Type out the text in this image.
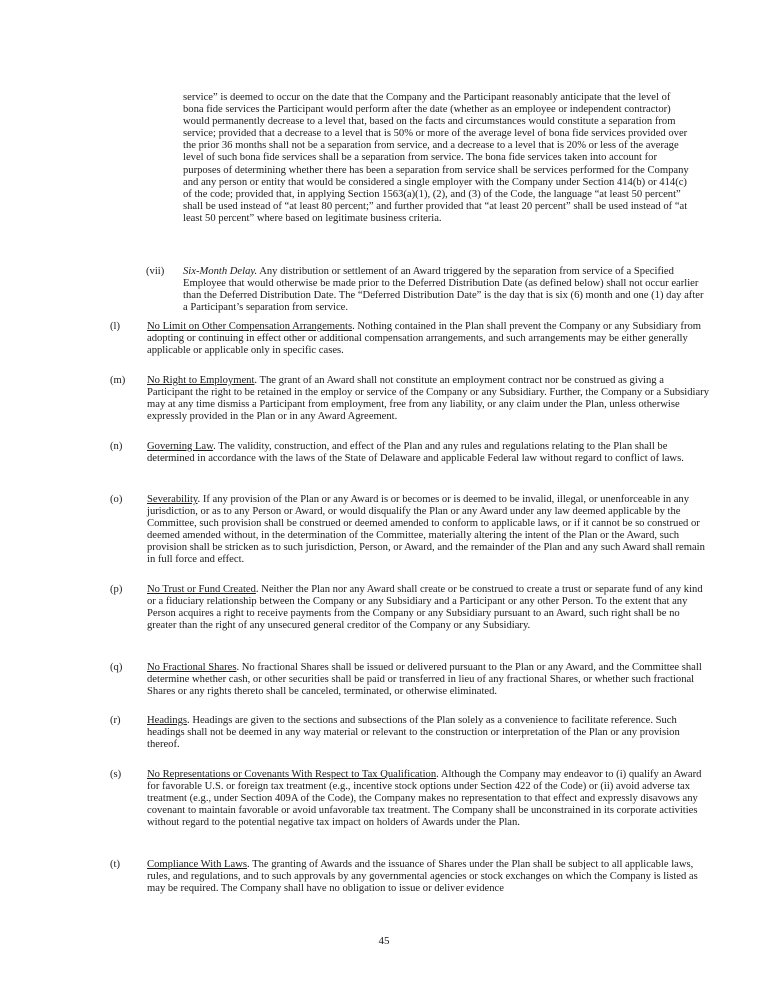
service” is deemed to occur on the date that the Company and the Participant reasonably anticipate that the level of bona fide services the Participant would perform after the date (whether as an employee or independent contractor) would permanently decrease to a level that, based on the facts and circumstances would constitute a separation from service; provided that a decrease to a level that is 50% or more of the average level of bona fide services provided over the prior 36 months shall not be a separation from service, and a decrease to a level that is 20% or less of the average level of such bona fide services shall be a separation from service. The bona fide services taken into account for purposes of determining whether there has been a separation from service shall be services performed for the Company and any person or entity that would be considered a single employer with the Company under Section 414(b) or 414(c) of the code; provided that, in applying Section 1563(a)(1), (2), and (3) of the Code, the language “at least 50 percent” shall be used instead of “at least 80 percent;” and further provided that “at least 20 percent” shall be used instead of “at least 50 percent” where based on legitimate business criteria.

(vii) Six-Month Delay. Any distribution or settlement of an Award triggered by the separation from service of a Specified Employee that would otherwise be made prior to the Deferred Distribution Date (as defined below) shall not occur earlier than the Deferred Distribution Date. The “Deferred Distribution Date” is the day that is six (6) month and one (1) day after a Participant’s separation from service.
(l)	No Limit on Other Compensation Arrangements. Nothing contained in the Plan shall prevent the Company or any Subsidiary from adopting or continuing in effect other or additional compensation arrangements, and such arrangements may be either generally applicable or applicable only in specific cases.
(m) No Right to Employment. The grant of an Award shall not constitute an employment contract nor be construed as giving a Participant the right to be retained in the employ or service of the Company or any Subsidiary. Further, the Company or a Subsidiary may at any time dismiss a Participant from employment, free from any liability, or any claim under the Plan, unless otherwise expressly provided in the Plan or in any Award Agreement.
(n) Governing Law. The validity, construction, and effect of the Plan and any rules and regulations relating to the Plan shall be determined in accordance with the laws of the State of Delaware and applicable Federal law without regard to conflict of laws.
(o) Severability. If any provision of the Plan or any Award is or becomes or is deemed to be invalid, illegal, or unenforceable in any jurisdiction, or as to any Person or Award, or would disqualify the Plan or any Award under any law deemed applicable by the Committee, such provision shall be construed or deemed amended to conform to applicable laws, or if it cannot be so construed or deemed amended without, in the determination of the Committee, materially altering the intent of the Plan or the Award, such provision shall be stricken as to such jurisdiction, Person, or Award, and the remainder of the Plan and any such Award shall remain in full force and effect.
(p) No Trust or Fund Created. Neither the Plan nor any Award shall create or be construed to create a trust or separate fund of any kind or a fiduciary relationship between the Company or any Subsidiary and a Participant or any other Person. To the extent that any Person acquires a right to receive payments from the Company or any Subsidiary pursuant to an Award, such right shall be no greater than the right of any unsecured general creditor of the Company or any Subsidiary.
(q) No Fractional Shares. No fractional Shares shall be issued or delivered pursuant to the Plan or any Award, and the Committee shall determine whether cash, or other securities shall be paid or transferred in lieu of any fractional Shares, or whether such fractional Shares or any rights thereto shall be canceled, terminated, or otherwise eliminated.
(r) Headings. Headings are given to the sections and subsections of the Plan solely as a convenience to facilitate reference. Such headings shall not be deemed in any way material or relevant to the construction or interpretation of the Plan or any provision thereof.
(s) No Representations or Covenants With Respect to Tax Qualification. Although the Company may endeavor to (i) qualify an Award for favorable U.S. or foreign tax treatment (e.g., incentive stock options under Section 422 of the Code) or (ii) avoid adverse tax treatment (e.g., under Section 409A of the Code), the Company makes no representation to that effect and expressly disavows any covenant to maintain favorable or avoid unfavorable tax treatment. The Company shall be unconstrained in its corporate activities without regard to the potential negative tax impact on holders of Awards under the Plan.
(t)	Compliance With Laws. The granting of Awards and the issuance of Shares under the Plan shall be subject to all applicable laws, rules, and regulations, and to such approvals by any governmental agencies or stock exchanges on which the Company is listed as may be required. The Company shall have no obligation to issue or deliver evidence
45
